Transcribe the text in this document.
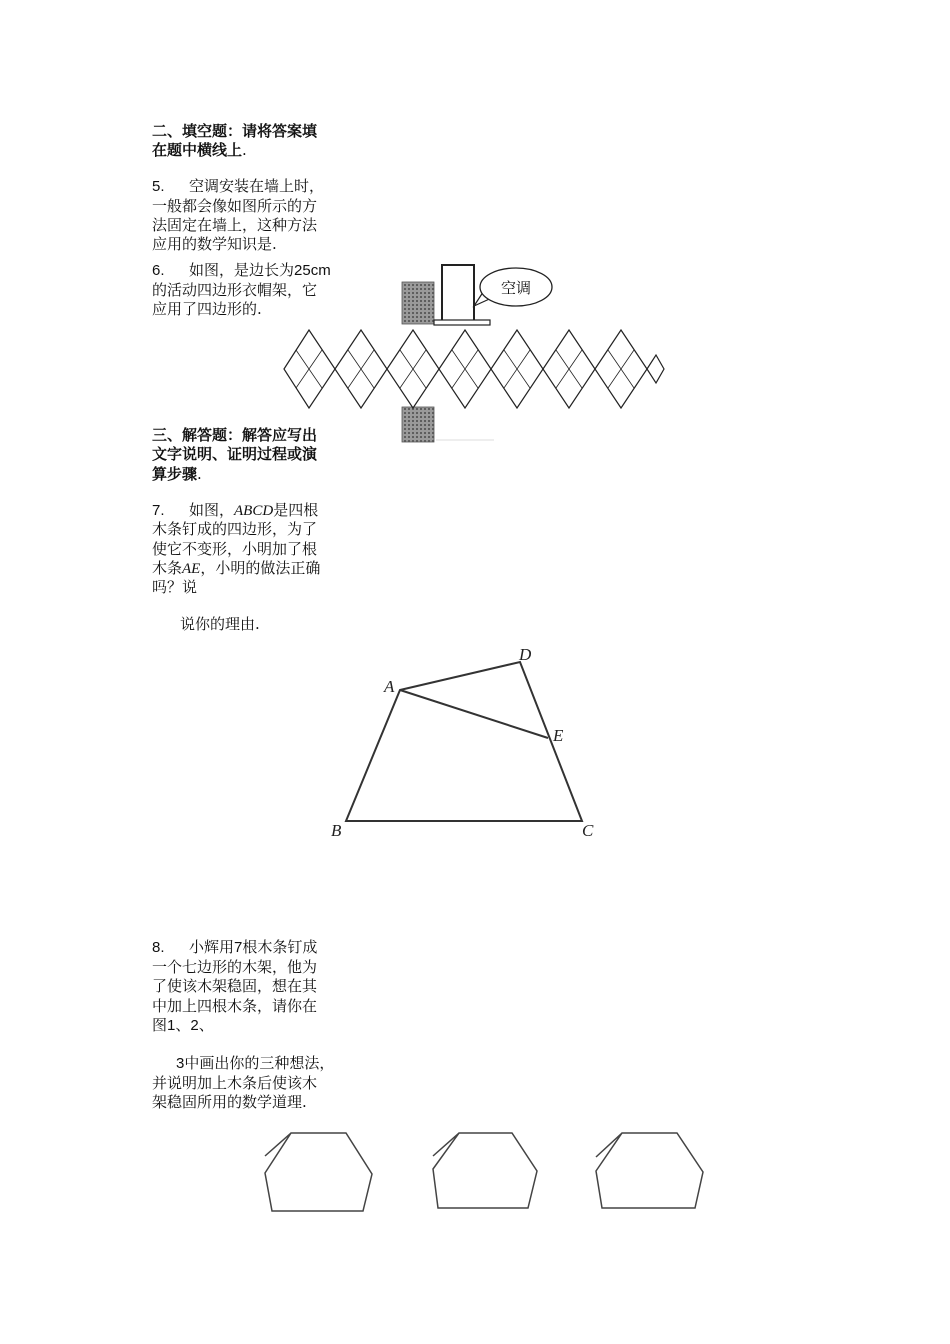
二、填空题：请将答案填
在题中横线上.
5. 空调安装在墙上时，
一般都会像如图所示的方
法固定在墙上，这种方法
应用的数学知识是.
6. 如图，是边长为25cm
的活动四边形衣帽架，它
应用了四边形的.
三、解答题：解答应写出
文字说明、证明过程或演
算步骤.
7. 如图，ABCD是四根
木条钉成的四边形，为了
使它不变形，小明加了根
木条AE，小明的做法正确
吗？说
说你的理由.
8. 小辉用7根木条钉成
一个七边形的木架，他为
了使该木架稳固，想在其
中加上四根木条，请你在
图1、2、
3中画出你的三种想法，
并说明加上木条后使该木
架稳固所用的数学道理.
空调
A
D
E
B	C
